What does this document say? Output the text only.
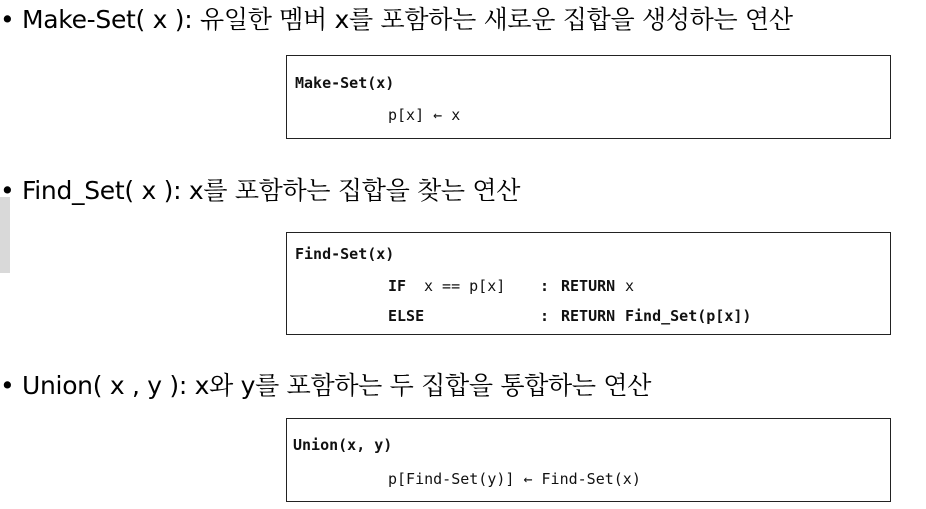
• Make-Set( x ): 유일한 멤버 x를 포함하는 새로운 집합을 생성하는 연산
Make-Set(x)
p[x] ← x
• Find_Set( x ): x를 포함하는 집합을 찾는 연산
Find-Set(x)
IF x == p[x] : RETURN x
ELSE	: RETURN Find_Set(p[x])
• Union( x , y ): x와 y를 포함하는 두 집합을 통합하는 연산
Union(x, y)
p[Find-Set(y)] ← Find-Set(x)
